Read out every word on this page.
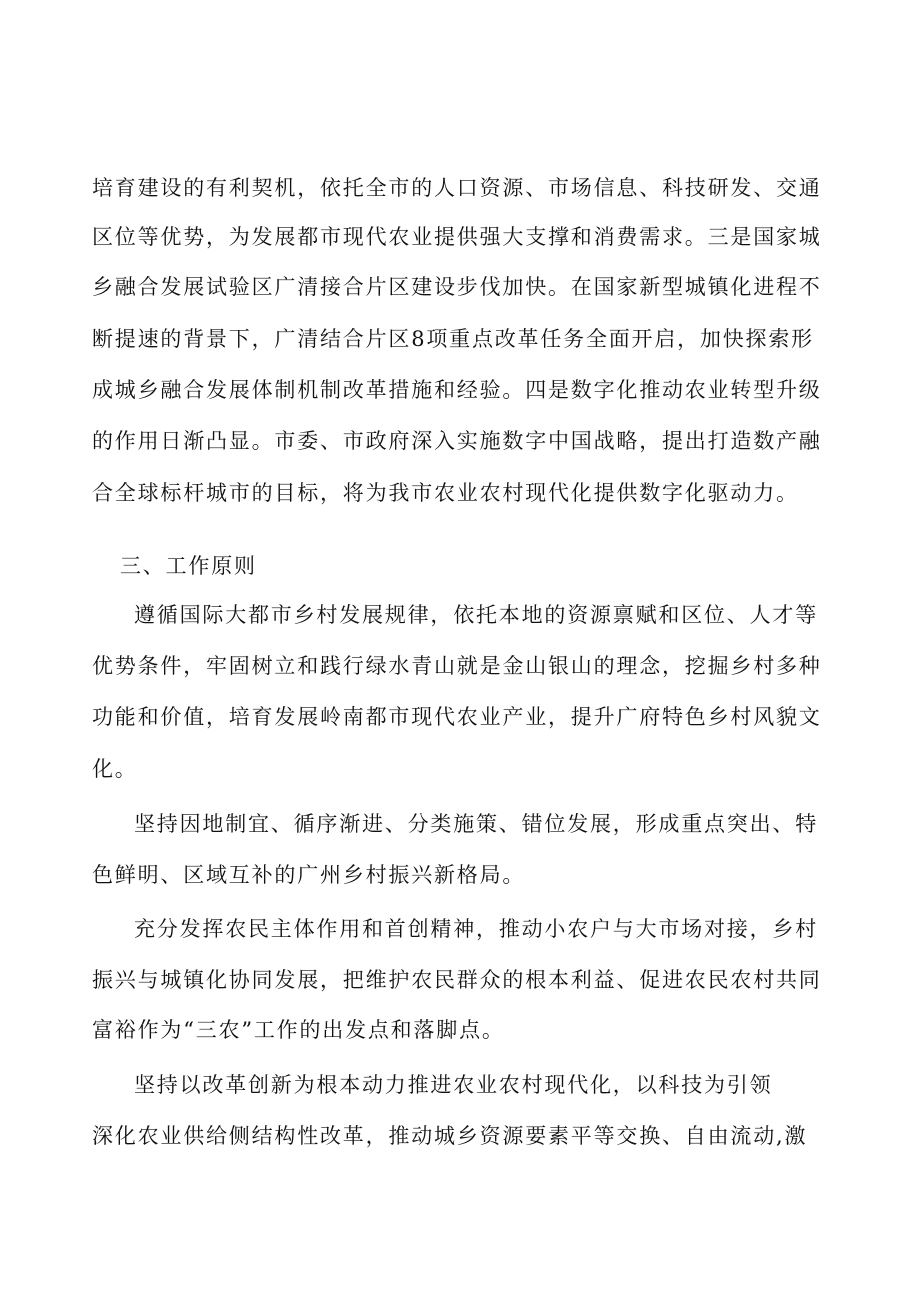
培育建设的有利契机，依托全市的人口资源、市场信息、科技研发、交通
区位等优势，为发展都市现代农业提供强大支撑和消费需求。三是国家城
乡融合发展试验区广清接合片区建设步伐加快。在国家新型城镇化进程不
断提速的背景下，广清结合片区8项重点改革任务全面开启，加快探索形
成城乡融合发展体制机制改革措施和经验。四是数字化推动农业转型升级
的作用日渐凸显。市委、市政府深入实施数字中国战略，提出打造数产融
合全球标杆城市的目标，将为我市农业农村现代化提供数字化驱动力。
三、工作原则
遵循国际大都市乡村发展规律，依托本地的资源禀赋和区位、人才等
优势条件，牢固树立和践行绿水青山就是金山银山的理念，挖掘乡村多种
功能和价值，培育发展岭南都市现代农业产业，提升广府特色乡村风貌文
化。
坚持因地制宜、循序渐进、分类施策、错位发展，形成重点突出、特
色鲜明、区域互补的广州乡村振兴新格局。
充分发挥农民主体作用和首创精神，推动小农户与大市场对接，乡村
振兴与城镇化协同发展，把维护农民群众的根本利益、促进农民农村共同
富裕作为“三农”工作的出发点和落脚点。
坚持以改革创新为根本动力推进农业农村现代化，以科技为引领
深化农业供给侧结构性改革，推动城乡资源要素平等交换、自由流动,激
